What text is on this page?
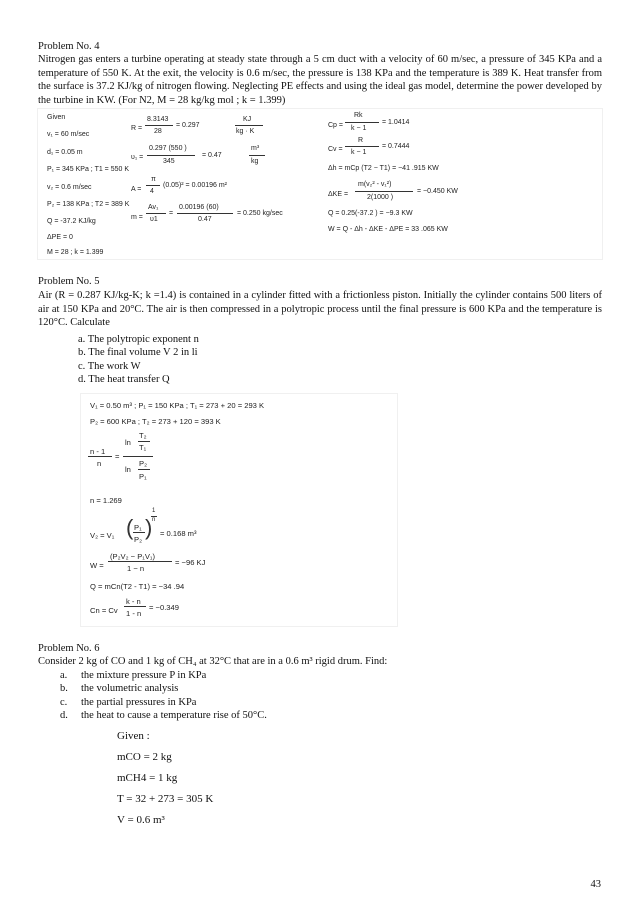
Problem No. 4

Nitrogen gas enters a turbine operating at steady state through a 5 cm duct with a velocity of 60 m/sec, a pressure of 345 KPa and a temperature of 550 K. At the exit, the velocity is 0.6 m/sec, the pressure is 138 KPa and the temperature is 389 K. Heat transfer from the surface is 37.2 KJ/kg of nitrogen flowing. Neglecting PE effects and using the ideal gas model, determine the power developed by the turbine in KW. (For N2, M = 28 kg/kg mol ; k = 1.399)

Given
v₁ = 60 m/sec
d₁ = 0.05 m
P₁ = 345 KPa ; T1 = 550 K
v₂ = 0.6 m/sec
P₂ = 138 KPa ; T2 = 389 K
Q = -37.2 KJ/kg
ΔPE = 0
M = 28 ; k = 1.399
R =
8.3143
28
= 0.297
KJ
kg · K
υ₁ =
0.297 (550 )
345
= 0.47
m³
kg
A =
π
4
(0.05)² = 0.00196 m²
m =
Av₁
υ1
=
0.00196 (60)
0.47
= 0.250 kg/sec
Cp =
Rk
k − 1
= 1.0414
Cv =
R
k − 1
= 0.7444
Δh = mCp (T2 − T1) = −41 .915 KW
ΔKE =
m(v₂² - v₁²)
2(1000 )
= −0.450 KW
Q = 0.25(-37.2 ) = −9.3 KW
W = Q - Δh - ΔKE - ΔPE = 33 .065 KW
Problem No. 5

Air (R = 0.287 KJ/kg-K; k =1.4) is contained in a cylinder fitted with a frictionless piston. Initially the cylinder contains 500 liters of air at 150 KPa and 20°C. The air is then compressed in a polytropic process until the final pressure is 600 KPa and the temperature is 120°C. Calculate

a. The polytropic exponent n
b. The final volume V 2 in li
c. The work W
d. The heat transfer Q
V₁ = 0.50 m³ ; P₁ = 150 KPa ; T₁ = 273 + 20 = 293 K
P₂ = 600 KPa ; T₂ = 273 + 120 = 393 K
n - 1
n
=
ln
T₂
T₁
ln
P₂
P₁
n = 1.269
V₂ = V₁ ( P₁
P₂ )
1
n
= 0.168 m³
W =
(P₂V₂ − P₁V₁)
1 − n
= −96 KJ
Q = mCn(T2 - T1) = −34 .94
Cn = Cv
k - n
1 - n
= −0.349
Problem No. 6

Consider 2 kg of CO and 1 kg of CH₄ at 32°C that are in a 0.6 m³ rigid drum. Find:

a.	the mixture pressure P in KPa
b.	the volumetric analysis
c.	the partial pressures in KPa
d.	the heat to cause a temperature rise of 50°C.
Given :
mCO = 2 kg
mCH4 = 1 kg
T = 32 + 273 = 305 K
V = 0.6 m³
43
